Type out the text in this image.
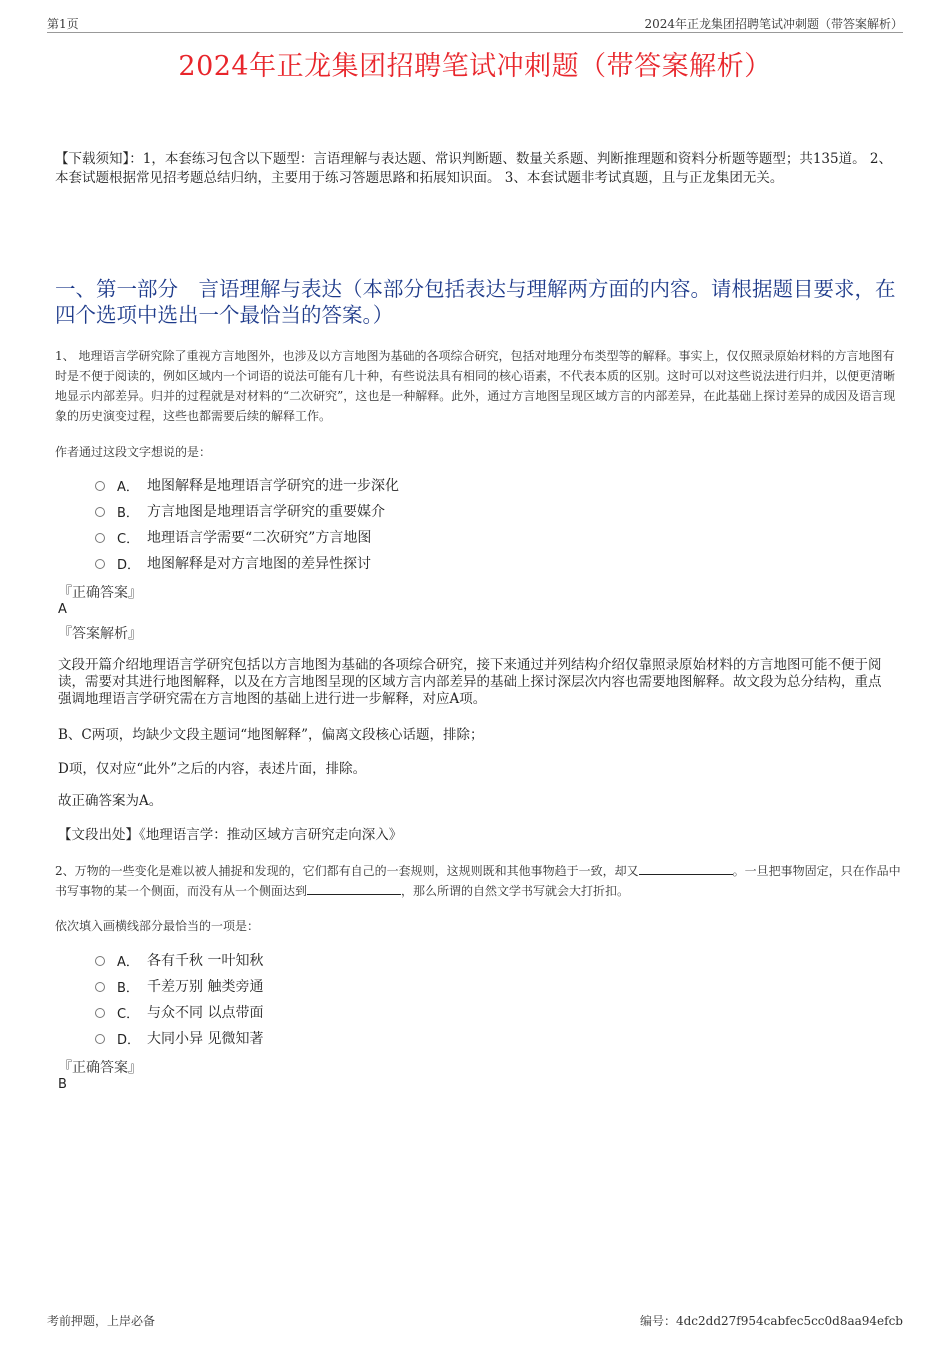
第1页	2024年正龙集团招聘笔试冲刺题（带答案解析）
2024年正龙集团招聘笔试冲刺题（带答案解析）
【下载须知】：1，本套练习包含以下题型：言语理解与表达题、常识判断题、数量关系题、判断推理题和资料分析题等题型；共135道。 2、本套试题根据常见招考题总结归纳，主要用于练习答题思路和拓展知识面。 3、本套试题非考试真题，且与正龙集团无关。
一、第一部分　言语理解与表达（本部分包括表达与理解两方面的内容。请根据题目要求，在四个选项中选出一个最恰当的答案。）
1、 地理语言学研究除了重视方言地图外，也涉及以方言地图为基础的各项综合研究，包括对地理分布类型等的解释。事实上，仅仅照录原始材料的方言地图有时是不便于阅读的，例如区域内一个词语的说法可能有几十种，有些说法具有相同的核心语素，不代表本质的区别。这时可以对这些说法进行归并，以便更清晰地显示内部差异。归并的过程就是对材料的“二次研究”，这也是一种解释。此外，通过方言地图呈现区域方言的内部差异，在此基础上探讨差异的成因及语言现象的历史演变过程，这些也都需要后续的解释工作。
作者通过这段文字想说的是：
A． 地图解释是地理语言学研究的进一步深化
B． 方言地图是地理语言学研究的重要媒介
C． 地理语言学需要“二次研究”方言地图
D． 地图解释是对方言地图的差异性探讨
『正确答案』
A
『答案解析』
文段开篇介绍地理语言学研究包括以方言地图为基础的各项综合研究，接下来通过并列结构介绍仅靠照录原始材料的方言地图可能不便于阅读，需要对其进行地图解释，以及在方言地图呈现的区域方言内部差异的基础上探讨深层次内容也需要地图解释。故文段为总分结构，重点强调地理语言学研究需在方言地图的基础上进行进一步解释，对应A项。
B、C两项，均缺少文段主题词“地图解释”，偏离文段核心话题，排除；
D项，仅对应“此外”之后的内容，表述片面，排除。
故正确答案为A。
【文段出处】《地理语言学：推动区域方言研究走向深入》
2、万物的一些变化是难以被人捕捉和发现的，它们都有自己的一套规则，这规则既和其他事物趋于一致，却又	。一旦把事物固定，只在作品中书写事物的某一个侧面，而没有从一个侧面达到	，那么所谓的自然文学书写就会大打折扣。
依次填入画横线部分最恰当的一项是：
A． 各有千秋 一叶知秋
B． 千差万别 触类旁通
C． 与众不同 以点带面
D． 大同小异 见微知著
『正确答案』
B
考前押题，上岸必备	编号：4dc2dd27f954cabfec5cc0d8aa94efcb
